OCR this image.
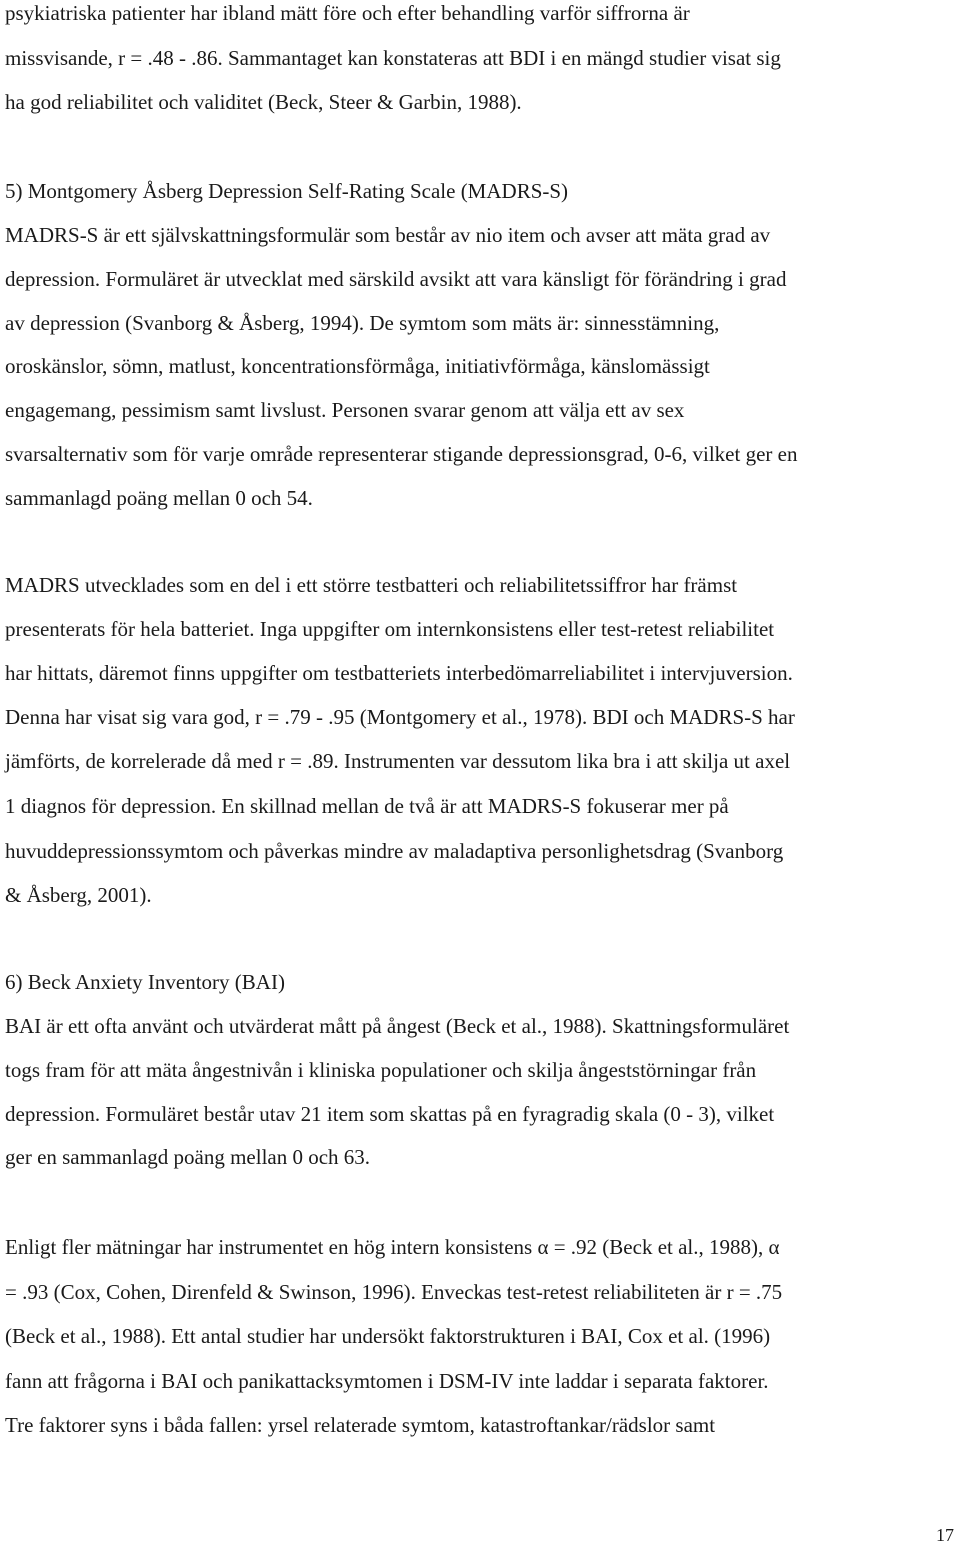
psykiatriska patienter har ibland mätt före och efter behandling varför siffrorna är
missvisande, r = .48 - .86. Sammantaget kan konstateras att BDI i en mängd studier visat sig
ha god reliabilitet och validitet (Beck, Steer & Garbin, 1988).
5) Montgomery Åsberg Depression Self-Rating Scale (MADRS-S)
MADRS-S är ett självskattningsformulär som består av nio item och avser att mäta grad av
depression. Formuläret är utvecklat med särskild avsikt att vara känsligt för förändring i grad
av depression (Svanborg & Åsberg, 1994). De symtom som mäts är: sinnesstämning,
oroskänslor, sömn, matlust, koncentrationsförmåga, initiativförmåga, känslomässigt
engagemang, pessimism samt livslust. Personen svarar genom att välja ett av sex
svarsalternativ som för varje område representerar stigande depressionsgrad, 0-6, vilket ger en
sammanlagd poäng mellan 0 och 54.
MADRS utvecklades som en del i ett större testbatteri och reliabilitetssiffror har främst
presenterats för hela batteriet. Inga uppgifter om internkonsistens eller test-retest reliabilitet
har hittats, däremot finns uppgifter om testbatteriets interbedömarreliabilitet i intervjuversion.
Denna har visat sig vara god, r = .79 - .95 (Montgomery et al., 1978). BDI och MADRS-S har
jämförts, de korrelerade då med r = .89. Instrumenten var dessutom lika bra i att skilja ut axel
1 diagnos för depression. En skillnad mellan de två är att MADRS-S fokuserar mer på
huvuddepressionssymtom och påverkas mindre av maladaptiva personlighetsdrag (Svanborg
& Åsberg, 2001).
6) Beck Anxiety Inventory (BAI)
BAI är ett ofta använt och utvärderat mått på ångest (Beck et al., 1988). Skattningsformuläret
togs fram för att mäta ångestnivån i kliniska populationer och skilja ångeststörningar från
depression. Formuläret består utav 21 item som skattas på en fyragradig skala (0 - 3), vilket
ger en sammanlagd poäng mellan 0 och 63.
Enligt fler mätningar har instrumentet en hög intern konsistens α = .92 (Beck et al., 1988), α
= .93 (Cox, Cohen, Direnfeld & Swinson, 1996). Enveckas test-retest reliabiliteten är r = .75
(Beck et al., 1988). Ett antal studier har undersökt faktorstrukturen i BAI, Cox et al. (1996)
fann att frågorna i BAI och panikattacksymtomen i DSM-IV inte laddar i separata faktorer.
Tre faktorer syns i båda fallen: yrsel relaterade symtom, katastroftankar/rädslor samt
17
